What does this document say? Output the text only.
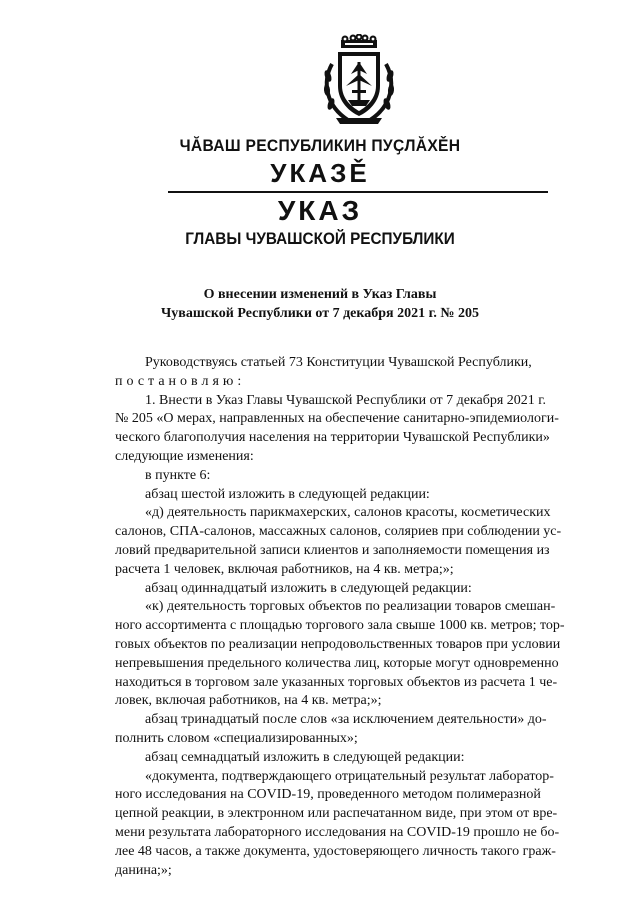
ЧĂВАШ РЕСПУБЛИКИН ПУҪЛĂХĚН
УКАЗĚ
УКАЗ
ГЛАВЫ ЧУВАШСКОЙ РЕСПУБЛИКИ
О внесении изменений в Указ Главы
Чувашской Республики от 7 декабря 2021 г. № 205

Руководствуясь статьей 73 Конституции Чувашской Республики,

постановляю:

1. Внести в Указ Главы Чувашской Республики от 7 декабря 2021 г.

№ 205 «О мерах, направленных на обеспечение санитарно-эпидемиологи-

ческого благополучия населения на территории Чувашской Республики»

следующие изменения:

в пункте 6:

абзац шестой изложить в следующей редакции:

«д) деятельность парикмахерских, салонов красоты, косметических

салонов, СПА-салонов, массажных салонов, соляриев при соблюдении ус-

ловий предварительной записи клиентов и заполняемости помещения из

расчета 1 человек, включая работников, на 4 кв. метра;»;

абзац одиннадцатый изложить в следующей редакции:

«к) деятельность торговых объектов по реализации товаров смешан-

ного ассортимента с площадью торгового зала свыше 1000 кв. метров; тор-

говых объектов по реализации непродовольственных товаров при условии

непревышения предельного количества лиц, которые могут одновременно

находиться в торговом зале указанных торговых объектов из расчета 1 че-

ловек, включая работников, на 4 кв. метра;»;

абзац тринадцатый после слов «за исключением деятельности» до-

полнить словом «специализированных»;

абзац семнадцатый изложить в следующей редакции:

«документа, подтверждающего отрицательный результат лаборатор-

ного исследования на COVID-19, проведенного методом полимеразной

цепной реакции, в электронном или распечатанном виде, при этом от вре-

мени результата лабораторного исследования на COVID-19 прошло не бо-

лее 48 часов, а также документа, удостоверяющего личность такого граж-

данина;»;
